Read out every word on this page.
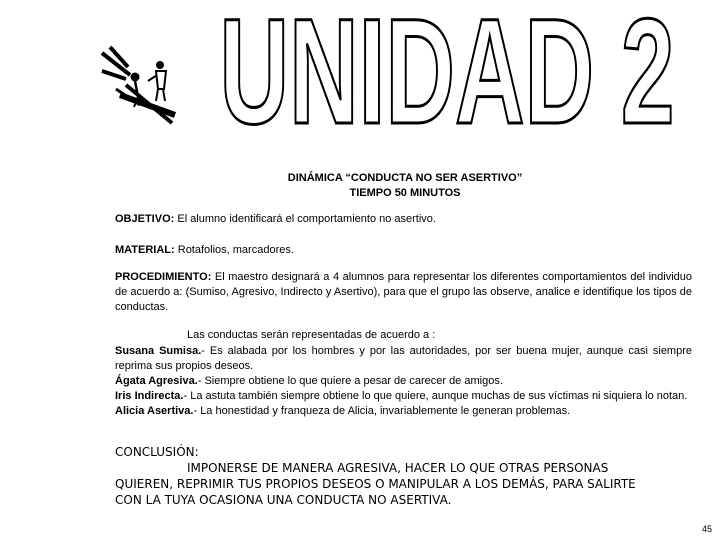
UNIDAD 2
DINÁMICA “CONDUCTA NO SER ASERTIVO”
TIEMPO 50 MINUTOS
OBJETIVO: El alumno identificará el comportamiento no asertivo.
MATERIAL: Rotafolios, marcadores.
PROCEDIMIENTO: El maestro designará a 4 alumnos para representar los diferentes comportamientos del individuo de acuerdo a: (Sumiso, Agresivo, Indirecto y Asertivo), para que el grupo las observe, analice e identifique los tipos de conductas.
Las conductas serán representadas de acuerdo a :
Susana Sumisa.- Es alabada por los hombres y por las autoridades, por ser buena mujer, aunque casi siempre reprima sus propios deseos.
Ágata Agresiva.- Siempre obtiene lo que quiere a pesar de carecer de amigos.
Iris Indirecta.- La astuta también siempre obtiene lo que quiere, aunque muchas de sus víctimas ni siquiera lo notan.
Alicia Asertiva.- La honestidad y franqueza de Alicia, invariablemente le generan problemas.
CONCLUSIÓN:
IMPONERSE DE MANERA AGRESIVA, HACER LO QUE OTRAS PERSONAS
QUIEREN, REPRIMIR TUS PROPIOS DESEOS O MANIPULAR A LOS DEMÁS, PARA SALIRTE
CON LA TUYA OCASIONA UNA CONDUCTA NO ASERTIVA.
45
